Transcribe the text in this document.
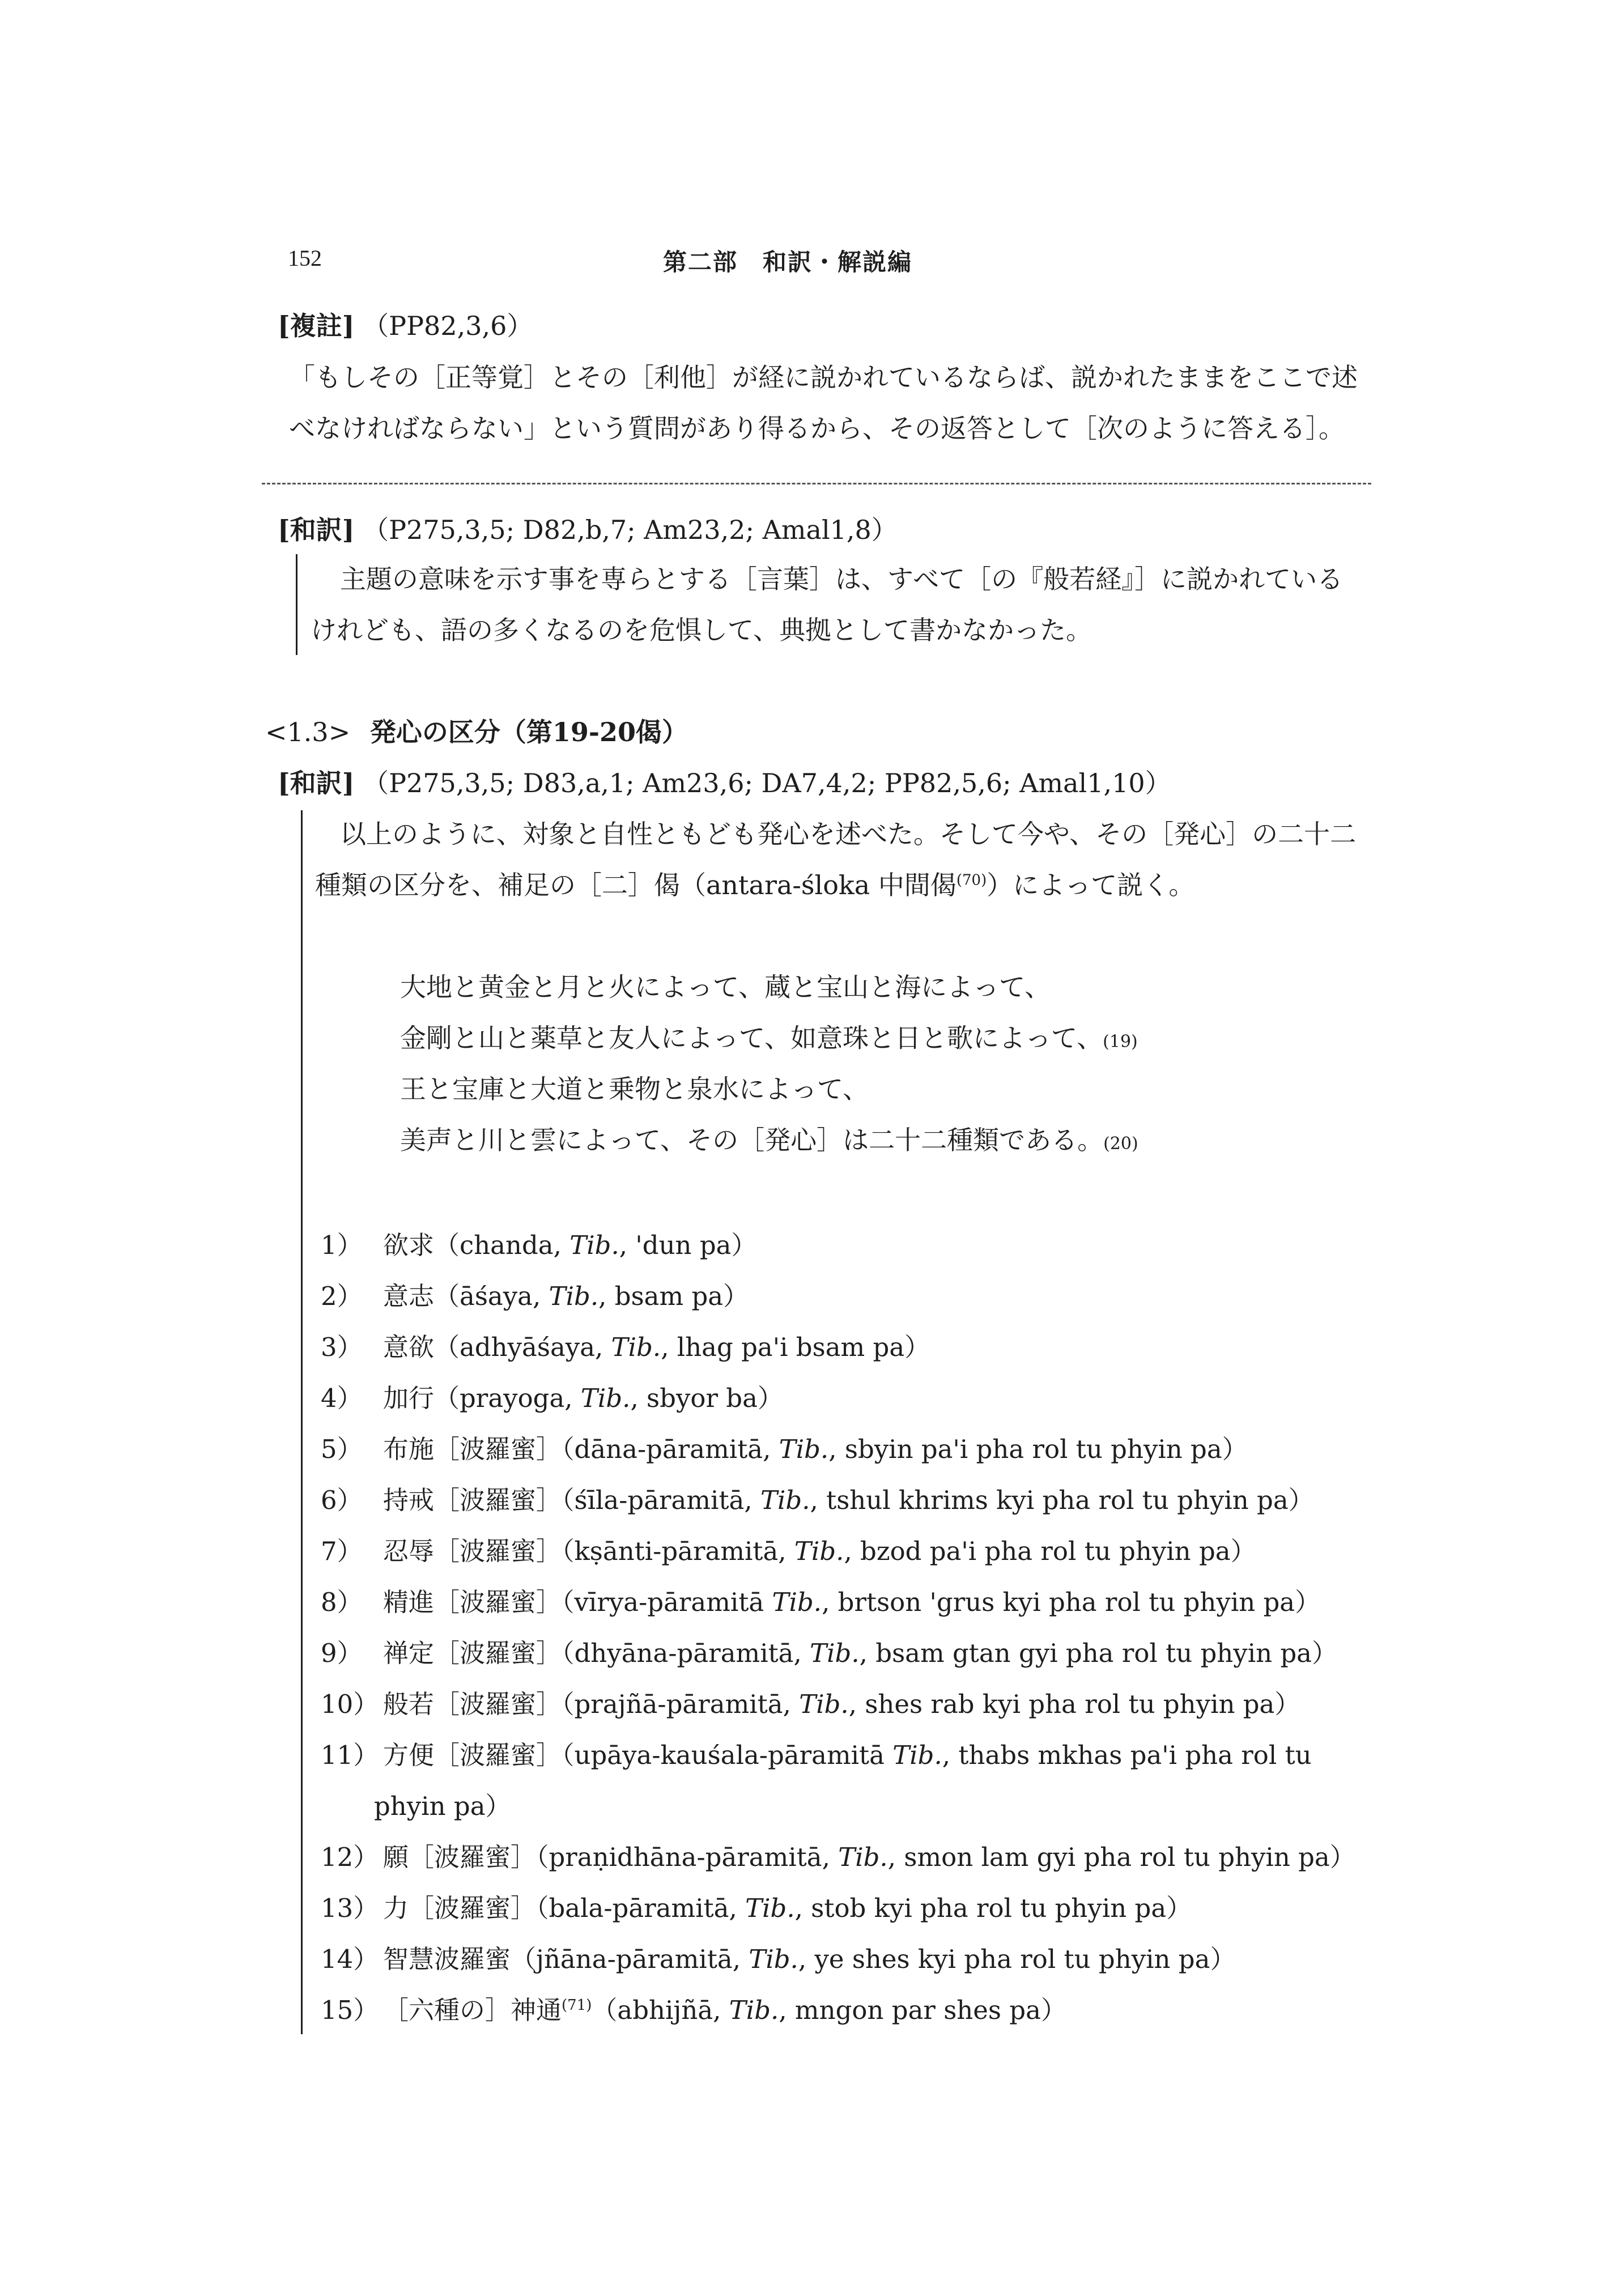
152	第二部　和訳・解説編
[複註] （PP82,3,6）
「もしその［正等覚］とその［利他］が経に説かれているならば、説かれたままをここで述
べなければならない」という質問があり得るから、その返答として［次のように答える］。
[和訳] （P275,3,5; D82,b,7; Am23,2; Amal1,8）
主題の意味を示す事を専らとする［言葉］は、すべて［の『般若経』］に説かれている
けれども、語の多くなるのを危惧して、典拠として書かなかった。
<1.3> 発心の区分（第19-20偈）
[和訳] （P275,3,5; D83,a,1; Am23,6; DA7,4,2; PP82,5,6; Amal1,10）
以上のように、対象と自性ともども発心を述べた。そして今や、その［発心］の二十二
種類の区分を、補足の［二］偈（antara-śloka 中間偈$^{(70)}$）によって説く。
大地と黄金と月と火によって、蔵と宝山と海によって、
金剛と山と薬草と友人によって、如意珠と日と歌によって、(19)
王と宝庫と大道と乗物と泉水によって、
美声と川と雲によって、その［発心］は二十二種類である。(20)
1） 欲求（chanda, Tib., 'dun pa）
2） 意志（āśaya, Tib., bsam pa）
3） 意欲（adhyāśaya, Tib., lhag pa'i bsam pa）
4） 加行（prayoga, Tib., sbyor ba）
5） 布施［波羅蜜］（dāna-pāramitā, Tib., sbyin pa'i pha rol tu phyin pa）
6） 持戒［波羅蜜］（śīla-pāramitā, Tib., tshul khrims kyi pha rol tu phyin pa）
7） 忍辱［波羅蜜］（kṣānti-pāramitā, Tib., bzod pa'i pha rol tu phyin pa）
8） 精進［波羅蜜］（vīrya-pāramitā Tib., brtson 'grus kyi pha rol tu phyin pa）
9） 禅定［波羅蜜］（dhyāna-pāramitā, Tib., bsam gtan gyi pha rol tu phyin pa）
10） 般若［波羅蜜］（prajñā-pāramitā, Tib., shes rab kyi pha rol tu phyin pa）
11） 方便［波羅蜜］（upāya-kauśala-pāramitā Tib., thabs mkhas pa'i pha rol tu
phyin pa）
12） 願［波羅蜜］（praṇidhāna-pāramitā, Tib., smon lam gyi pha rol tu phyin pa）
13） 力［波羅蜜］（bala-pāramitā, Tib., stob kyi pha rol tu phyin pa）
14） 智慧波羅蜜（jñāna-pāramitā, Tib., ye shes kyi pha rol tu phyin pa）
15） ［六種の］神通$^{(71)}$（abhijñā, Tib., mngon par shes pa）
